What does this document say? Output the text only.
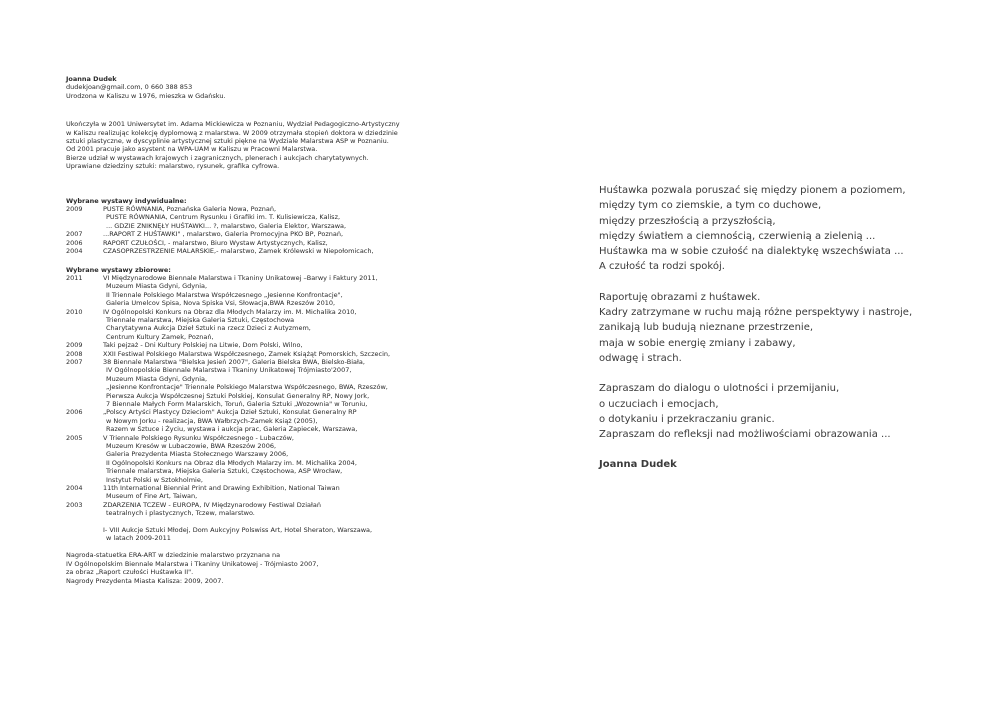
Joanna Dudek
dudekjoan@gmail.com, 0 660 388 853
Urodzona w Kaliszu w 1976, mieszka w Gdańsku.
Ukończyła w 2001 Uniwersytet im. Adama Mickiewicza w Poznaniu, Wydział Pedagogiczno-Artystyczny
w Kaliszu realizując kolekcję dyplomową z malarstwa. W 2009 otrzymała stopień doktora w dziedzinie
sztuki plastyczne, w dyscyplinie artystycznej sztuki piękne na Wydziale Malarstwa ASP w Poznaniu.
Od 2001 pracuje jako asystent na WPA-UAM w Kaliszu w Pracowni Malarstwa.
Bierze udział w wystawach krajowych i zagranicznych, plenerach i aukcjach charytatywnych.
Uprawiane dziedziny sztuki: malarstwo, rysunek, grafika cyfrowa.
Wybrane wystawy indywidualne:
2009	PUSTE RÓWNANIA, Poznańska Galeria Nowa, Poznań,
PUSTE RÓWNANIA, Centrum Rysunku i Grafiki im. T. Kulisiewicza, Kalisz,
... GDZIE ZNIKNĘŁY HUŚTAWKI... ?, malarstwo, Galeria Elektor, Warszawa,
2007	...RAPORT Z HUŚTAWKI" , malarstwo, Galeria Promocyjna PKO BP, Poznań,
2006	RAPORT CZUŁOŚCI, - malarstwo, Biuro Wystaw Artystycznych, Kalisz,
2004	CZASOPRZESTRZENIE MALARSKIE,- malarstwo, Zamek Królewski w Niepołomicach,
Wybrane wystawy zbiorowe:
2011	VI Międzynarodowe Biennale Malarstwa i Tkaniny Unikatowej –Barwy i Faktury 2011,
Muzeum Miasta Gdyni, Gdynia,
II Triennale Polskiego Malarstwa Współczesnego „Jesienne Konfrontacje",
Galeria Umelcov Spisa, Nova Spiska Vsi, Słowacja,BWA Rzeszów 2010,
2010	IV Ogólnopolski Konkurs na Obraz dla Młodych Malarzy im. M. Michalika 2010,
Triennale malarstwa, Miejska Galeria Sztuki, Częstochowa
Charytatywna Aukcja Dzieł Sztuki na rzecz Dzieci z Autyzmem,
Centrum Kultury Zamek, Poznań,
2009	Taki pejzaż - Dni Kultury Polskiej na Litwie, Dom Polski, Wilno,
2008	XXII Festiwal Polskiego Malarstwa Współczesnego, Zamek Książąt Pomorskich, Szczecin,
2007	38 Biennale Malarstwa "Bielska Jesień 2007", Galeria Bielska BWA, Bielsko-Biała,
IV Ogólnopolskie Biennale Malarstwa i Tkaniny Unikatowej Trójmiasto'2007,
Muzeum Miasta Gdyni, Gdynia,
„Jesienne Konfrontacje" Triennale Polskiego Malarstwa Współczesnego, BWA, Rzeszów,
Pierwsza Aukcja Współczesnej Sztuki Polskiej, Konsulat Generalny RP, Nowy Jork,
7 Biennale Małych Form Malarskich, Toruń, Galeria Sztuki „Wozownia" w Toruniu,
2006	„Polscy Artyści Plastycy Dzieciom" Aukcja Dzieł Sztuki, Konsulat Generalny RP
w Nowym Jorku - realizacja, BWA Wałbrzych-Zamek Książ (2005),
Razem w Sztuce i Życiu, wystawa i aukcja prac, Galeria Zapiecek, Warszawa,
2005	V Triennale Polskiego Rysunku Współczesnego - Lubaczów,
Muzeum Kresów w Lubaczowie, BWA Rzeszów 2006,
Galeria Prezydenta Miasta Stołecznego Warszawy 2006,
II Ogólnopolski Konkurs na Obraz dla Młodych Malarzy im. M. Michalika 2004,
Triennale malarstwa, Miejska Galeria Sztuki, Częstochowa, ASP Wrocław,
Instytut Polski w Sztokholmie,
2004	11th International Biennial Print and Drawing Exhibition, National Taiwan
Museum of Fine Art, Taiwan,
2003	ZDARZENIA TCZEW - EUROPA, IV Międzynarodowy Festiwal Działań
teatralnych i plastycznych, Tczew, malarstwo.
I- VIII Aukcje Sztuki Młodej, Dom Aukcyjny Polswiss Art, Hotel Sheraton, Warszawa,
w latach 2009-2011
Nagroda-statuetka ERA-ART w dziedzinie malarstwo przyznana na
IV Ogólnopolskim Biennale Malarstwa i Tkaniny Unikatowej - Trójmiasto 2007,
za obraz „Raport czułości Huśtawka II".
Nagrody Prezydenta Miasta Kalisza: 2009, 2007.
Huśtawka pozwala poruszać się między pionem a poziomem,
między tym co ziemskie, a tym co duchowe,
między przeszłością a przyszłością,
między światłem a ciemnością, czerwienią a zielenią ...
Huśtawka ma w sobie czułość na dialektykę wszechświata ...
A czułość ta rodzi spokój.
Raportuję obrazami z huśtawek.
Kadry zatrzymane w ruchu mają różne perspektywy i nastroje,
zanikają lub budują nieznane przestrzenie,
maja w sobie energię zmiany i zabawy,
odwagę i strach.
Zapraszam do dialogu o ulotności i przemijaniu,
o uczuciach i emocjach,
o dotykaniu i przekraczaniu granic.
Zapraszam do refleksji nad możliwościami obrazowania ...
Joanna Dudek
